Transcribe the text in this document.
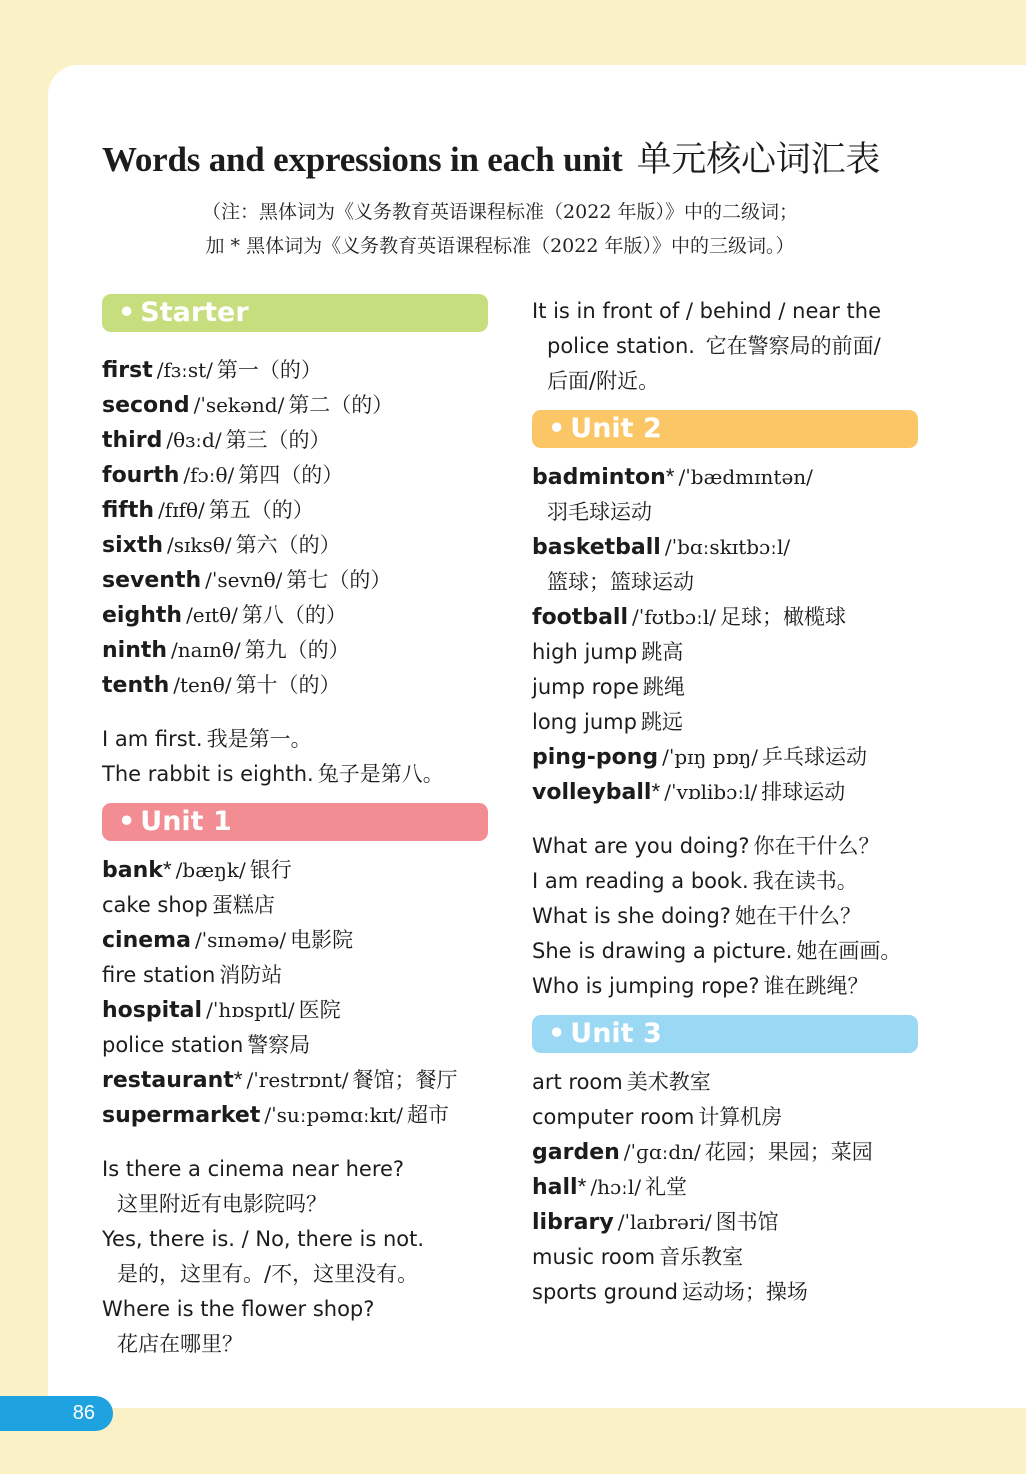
Words and expressions in each unit 单元核心词汇表
（注：黑体词为《义务教育英语课程标准（2022 年版）》中的二级词；
加 * 黑体词为《义务教育英语课程标准（2022 年版）》中的三级词。）
• Starter
first /fɜːst/ 第一（的）
second /ˈsekənd/ 第二（的）
third /θɜːd/ 第三（的）
fourth /fɔːθ/ 第四（的）
fifth /fɪfθ/ 第五（的）
sixth /sɪksθ/ 第六（的）
seventh /ˈsevnθ/ 第七（的）
eighth /eɪtθ/ 第八（的）
ninth /naɪnθ/ 第九（的）
tenth /tenθ/ 第十（的）
I am first. 我是第一。
The rabbit is eighth. 兔子是第八。
• Unit 1
bank* /bæŋk/ 银行
cake shop 蛋糕店
cinema /ˈsɪnəmə/ 电影院
fire station 消防站
hospital /ˈhɒspɪtl/ 医院
police station 警察局
restaurant* /ˈrestrɒnt/ 餐馆；餐厅
supermarket /ˈsuːpəmɑːkɪt/ 超市
Is there a cinema near here?
这里附近有电影院吗？
Yes, there is. / No, there is not.
是的，这里有。/不，这里没有。
Where is the flower shop?
花店在哪里？
It is in front of / behind / near the
police station. 它在警察局的前面/
后面/附近。
• Unit 2
badminton* /ˈbædmɪntən/
羽毛球运动
basketball /ˈbɑːskɪtbɔːl/
篮球；篮球运动
football /ˈfʊtbɔːl/ 足球；橄榄球
high jump 跳高
jump rope 跳绳
long jump 跳远
ping-pong /ˈpɪŋ pɒŋ/ 乒乓球运动
volleyball* /ˈvɒlibɔːl/ 排球运动
What are you doing? 你在干什么？
I am reading a book. 我在读书。
What is she doing? 她在干什么？
She is drawing a picture. 她在画画。
Who is jumping rope? 谁在跳绳？
• Unit 3
art room 美术教室
computer room 计算机房
garden /ˈɡɑːdn/ 花园；果园；菜园
hall* /hɔːl/ 礼堂
library /ˈlaɪbrəri/ 图书馆
music room 音乐教室
sports ground 运动场；操场
86
